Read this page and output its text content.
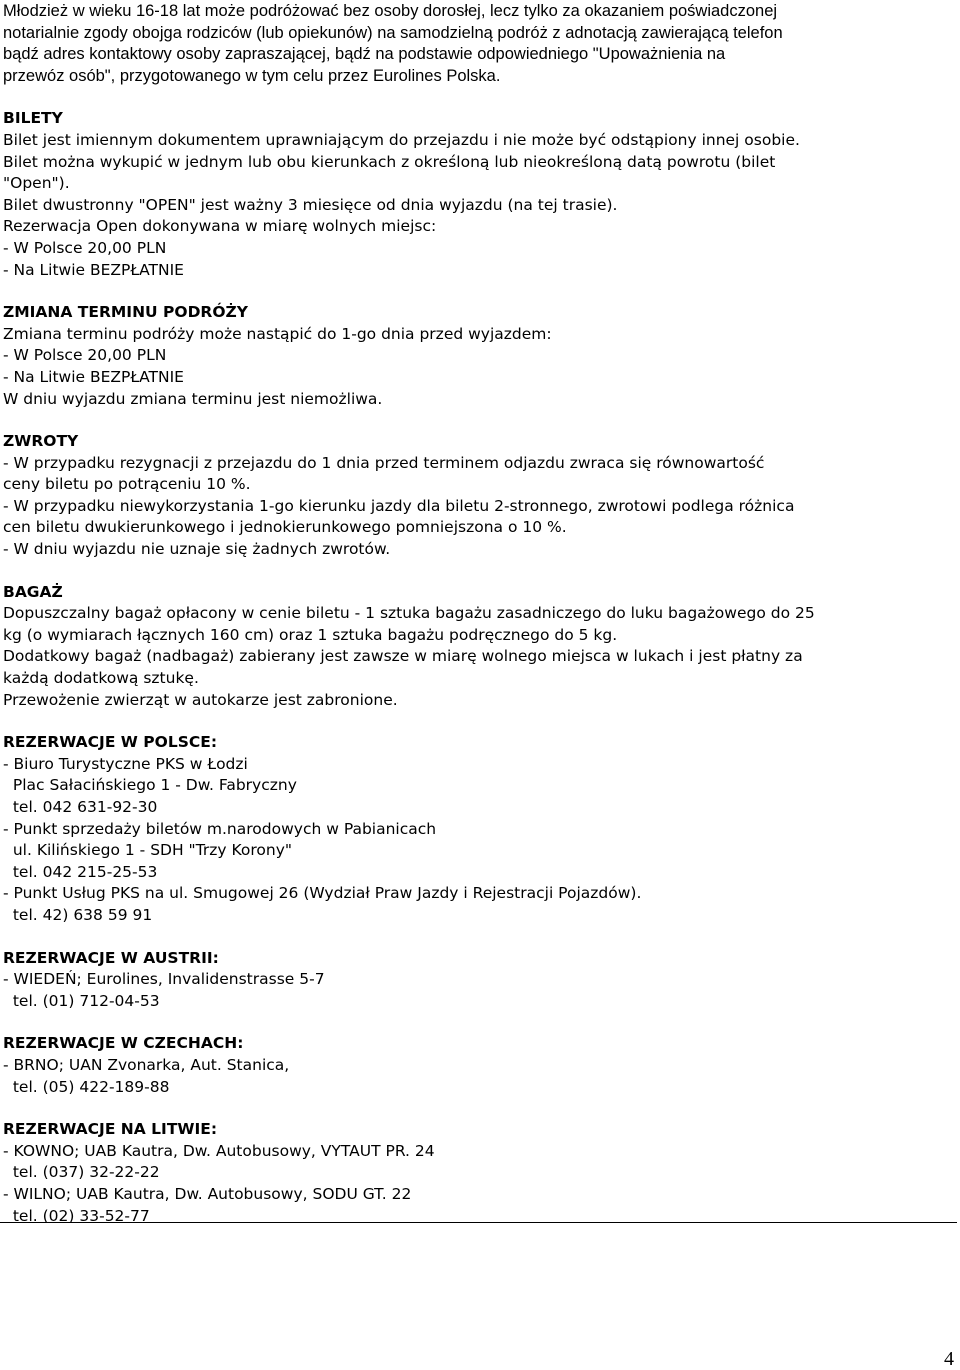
Młodzież w wieku 16-18 lat może podróżować bez osoby dorosłej, lecz tylko za okazaniem poświadczonej
notarialnie zgody obojga rodziców (lub opiekunów) na samodzielną podróż z adnotacją zawierającą telefon
bądź adres kontaktowy osoby zapraszającej, bądź na podstawie odpowiedniego "Upoważnienia na
przewóz osób", przygotowanego w tym celu przez Eurolines Polska.
BILETY
Bilet jest imiennym dokumentem uprawniającym do przejazdu i nie może być odstąpiony innej osobie.
Bilet można wykupić w jednym lub obu kierunkach z określoną lub nieokreśloną datą powrotu (bilet
"Open").
Bilet dwustronny "OPEN" jest ważny 3 miesięce od dnia wyjazdu (na tej trasie).
Rezerwacja Open dokonywana w miarę wolnych miejsc:
- W Polsce 20,00 PLN
- Na Litwie BEZPŁATNIE
ZMIANA TERMINU PODRÓŻY
Zmiana terminu podróży może nastąpić do 1-go dnia przed wyjazdem:
- W Polsce 20,00 PLN
- Na Litwie BEZPŁATNIE
W dniu wyjazdu zmiana terminu jest niemożliwa.
ZWROTY
- W przypadku rezygnacji z przejazdu do 1 dnia przed terminem odjazdu zwraca się równowartość
ceny biletu po potrąceniu 10 %.
- W przypadku niewykorzystania 1-go kierunku jazdy dla biletu 2-stronnego, zwrotowi podlega różnica
cen biletu dwukierunkowego i jednokierunkowego pomniejszona o 10 %.
- W dniu wyjazdu nie uznaje się żadnych zwrotów.
BAGAŻ
Dopuszczalny bagaż opłacony w cenie biletu - 1 sztuka bagażu zasadniczego do luku bagażowego do 25
kg (o wymiarach łącznych 160 cm) oraz 1 sztuka bagażu podręcznego do 5 kg.
Dodatkowy bagaż (nadbagaż) zabierany jest zawsze w miarę wolnego miejsca w lukach i jest płatny za
każdą dodatkową sztukę.
Przewożenie zwierząt w autokarze jest zabronione.
REZERWACJE W POLSCE:
- Biuro Turystyczne PKS w Łodzi
Plac Sałacińskiego 1 - Dw. Fabryczny
tel. 042 631-92-30
- Punkt sprzedaży biletów m.narodowych w Pabianicach
ul. Kilińskiego 1 - SDH "Trzy Korony"
tel. 042 215-25-53
- Punkt Usług PKS na ul. Smugowej 26 (Wydział Praw Jazdy i Rejestracji Pojazdów).
tel. 42) 638 59 91
REZERWACJE W AUSTRII:
- WIEDEŃ; Eurolines, Invalidenstrasse 5-7
tel. (01) 712-04-53
REZERWACJE W CZECHACH:
- BRNO; UAN Zvonarka, Aut. Stanica,
tel. (05) 422-189-88
REZERWACJE NA LITWIE:
- KOWNO; UAB Kautra, Dw. Autobusowy, VYTAUT PR. 24
tel. (037) 32-22-22
- WILNO; UAB Kautra, Dw. Autobusowy, SODU GT. 22
tel. (02) 33-52-77
4
